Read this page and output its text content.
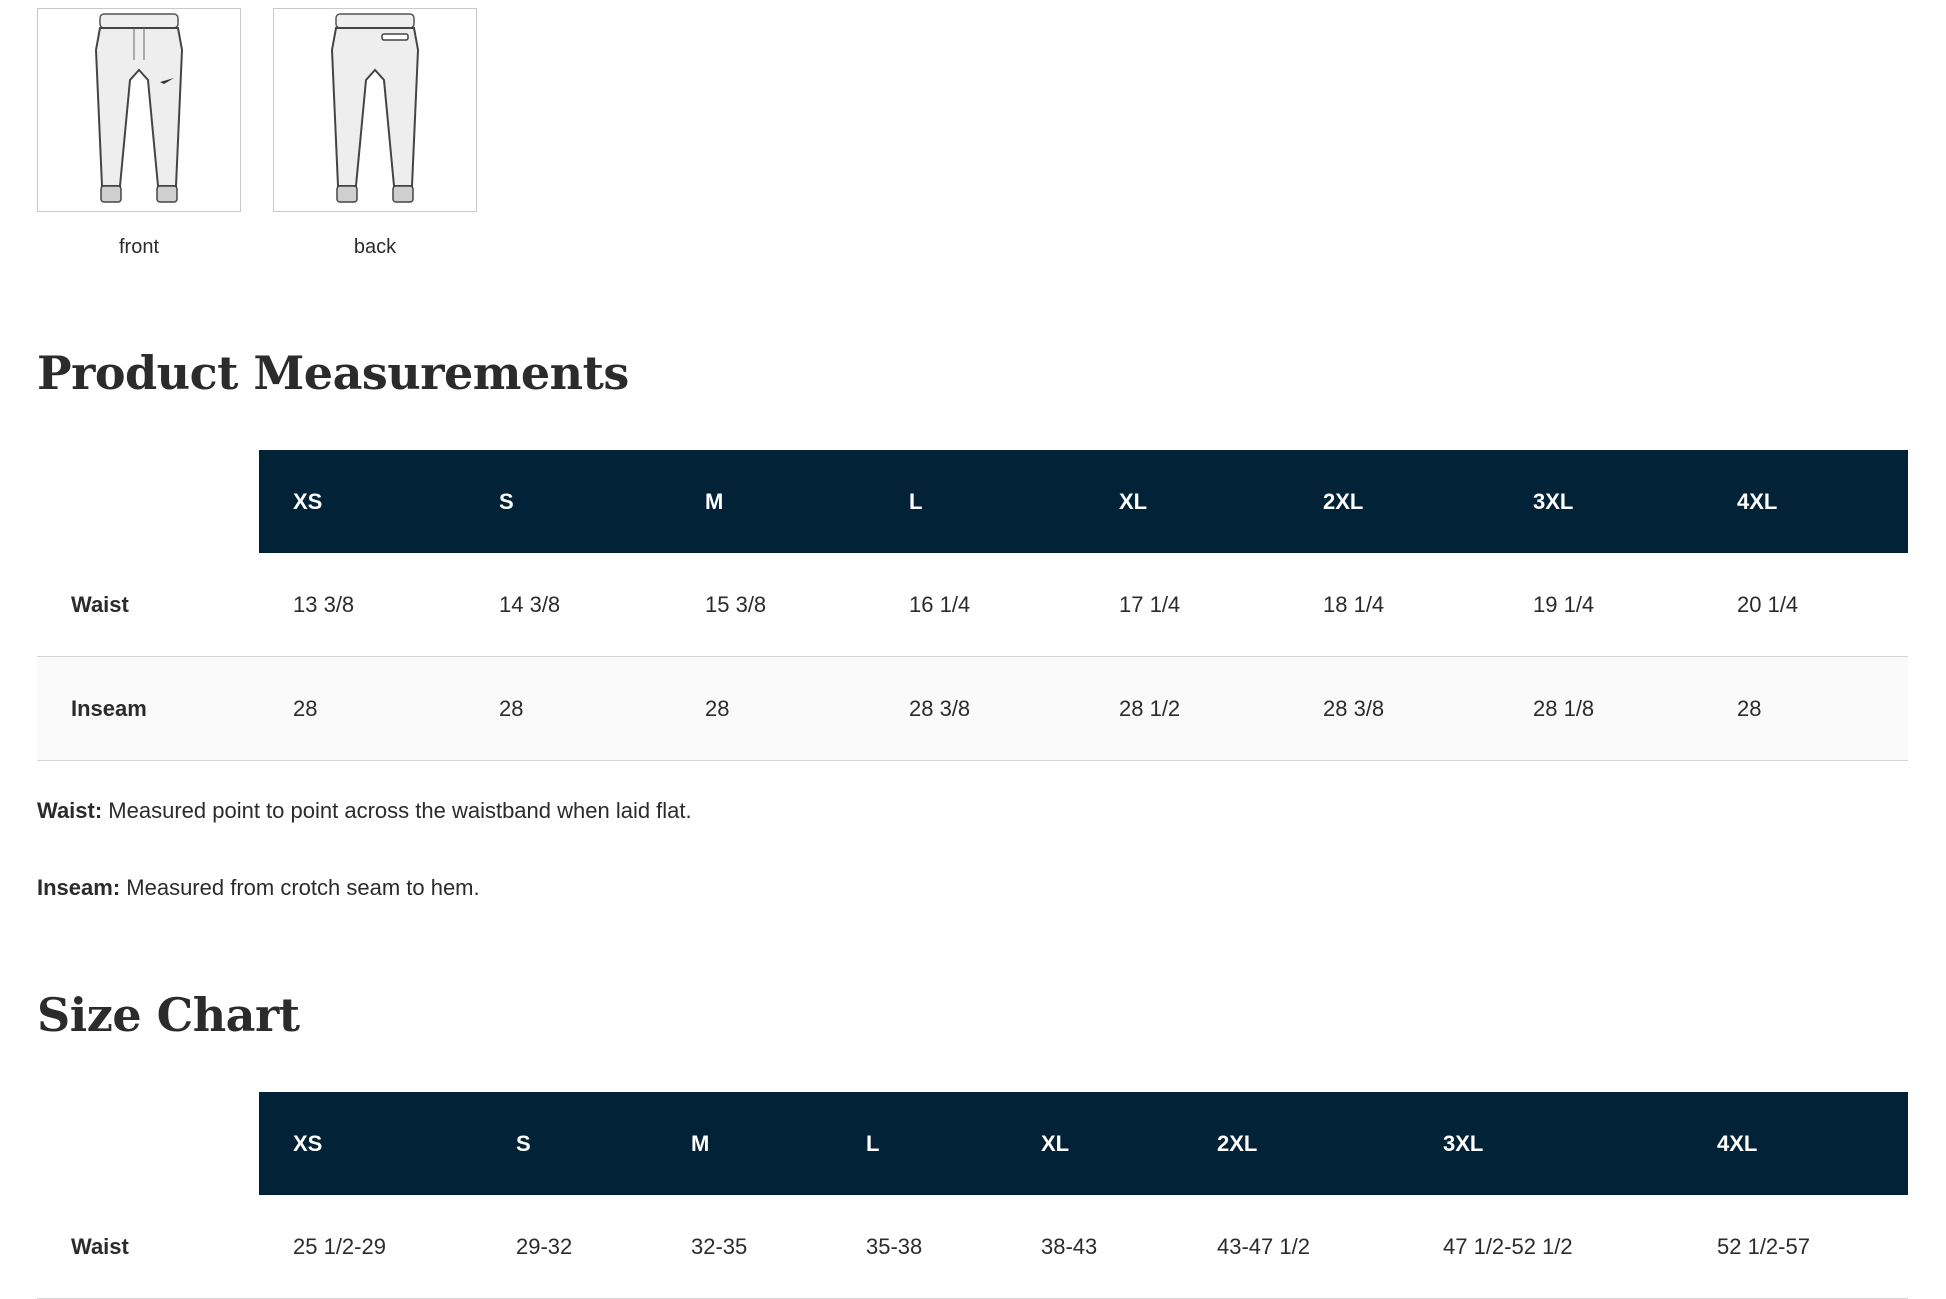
front	back
Product Measurements
	XS	S	M	L	XL	2XL	3XL	4XL
Waist	13 3/8	14 3/8	15 3/8	16 1/4	17 1/4	18 1/4	19 1/4	20 1/4
Inseam	28	28	28	28 3/8	28 1/2	28 3/8	28 1/8	28

Waist: Measured point to point across the waistband when laid flat.

Inseam: Measured from crotch seam to hem.

Size Chart
	XS	S	M	L	XL	2XL	3XL	4XL
Waist	25 1/2-29	29-32	32-35	35-38	38-43	43-47 1/2	47 1/2-52 1/2	52 1/2-57
